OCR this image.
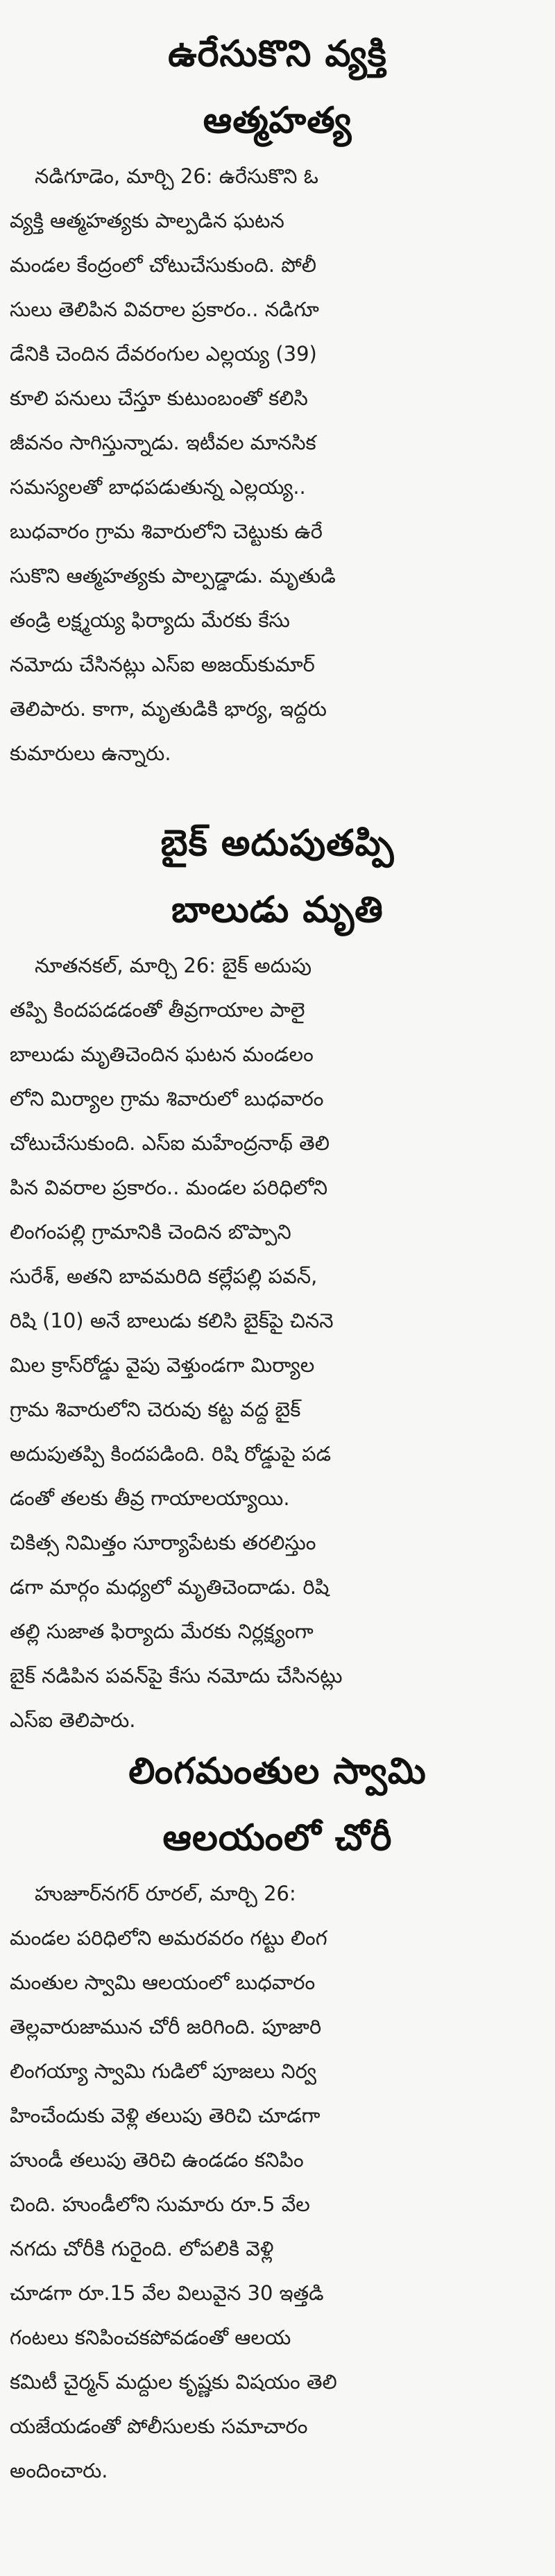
ఉరేసుకొని వ్యక్తి
ఆత్మహత్య

నడిగూడెం, మార్చి 26: ఉరేసుకొని ఓ
వ్యక్తి ఆత్మహత్యకు పాల్పడిన ఘటన
మండల కేంద్రంలో చోటుచేసుకుంది. పోలీ
సులు తెలిపిన వివరాల ప్రకారం.. నడిగూ
డేనికి చెందిన దేవరంగుల ఎల్లయ్య (39)
కూలి పనులు చేస్తూ కుటుంబంతో కలిసి
జీవనం సాగిస్తున్నాడు. ఇటీవల మానసిక
సమస్యలతో బాధపడుతున్న ఎల్లయ్య..
బుధవారం గ్రామ శివారులోని చెట్టుకు ఉరే
సుకొని ఆత్మహత్యకు పాల్పడ్డాడు. మృతుడి
తండ్రి లక్ష్మయ్య ఫిర్యాదు మేరకు కేసు
నమోదు చేసినట్లు ఎస్ఐ అజయ్‌కుమార్
తెలిపారు. కాగా, మృతుడికి భార్య, ఇద్దరు
కుమారులు ఉన్నారు.

బైక్ అదుపుతప్పి
బాలుడు మృతి

నూతనకల్, మార్చి 26: బైక్ అదుపు
తప్పి కిందపడడంతో తీవ్రగాయాల పాలై
బాలుడు మృతిచెందిన ఘటన మండలం
లోని మిర్యాల గ్రామ శివారులో బుధవారం
చోటుచేసుకుంది. ఎస్ఐ మహేంద్రనాథ్ తెలి
పిన వివరాల ప్రకారం.. మండల పరిధిలోని
లింగంపల్లి గ్రామానికి చెందిన బొప్పాని
సురేశ్, అతని బావమరిది కల్లేపల్లి పవన్,
రిషి (10) అనే బాలుడు కలిసి బైక్‌పై చిననె
మిల క్రాస్‌రోడ్డు వైపు వెళ్తుండగా మిర్యాల
గ్రామ శివారులోని చెరువు కట్ట వద్ద బైక్
అదుపుతప్పి కిందపడింది. రిషి రోడ్డుపై పడ
డంతో తలకు తీవ్ర గాయాలయ్యాయి.
చికిత్స నిమిత్తం సూర్యాపేటకు తరలిస్తుం
డగా మార్గం మధ్యలో మృతిచెందాడు. రిషి
తల్లి సుజాత ఫిర్యాదు మేరకు నిర్లక్ష్యంగా
బైక్ నడిపిన పవన్‌పై కేసు నమోదు చేసినట్లు
ఎస్ఐ తెలిపారు.

లింగమంతుల స్వామి
ఆలయంలో చోరీ

హుజూర్‌నగర్ రూరల్, మార్చి 26:
మండల పరిధిలోని అమరవరం గట్టు లింగ
మంతుల స్వామి ఆలయంలో బుధవారం
తెల్లవారుజామున చోరీ జరిగింది. పూజారి
లింగయ్యా స్వామి గుడిలో పూజలు నిర్వ
హించేందుకు వెళ్లి తలుపు తెరిచి చూడగా
హుండీ తలుపు తెరిచి ఉండడం కనిపిం
చింది. హుండీలోని సుమారు రూ.5 వేల
నగదు చోరీకి గురైంది. లోపలికి వెళ్లి
చూడగా రూ.15 వేల విలువైన 30 ఇత్తడి
గంటలు కనిపించకపోవడంతో ఆలయ
కమిటీ చైర్మన్ మద్దుల కృష్ణకు విషయం తెలి
యజేయడంతో పోలీసులకు సమాచారం
అందించారు.
